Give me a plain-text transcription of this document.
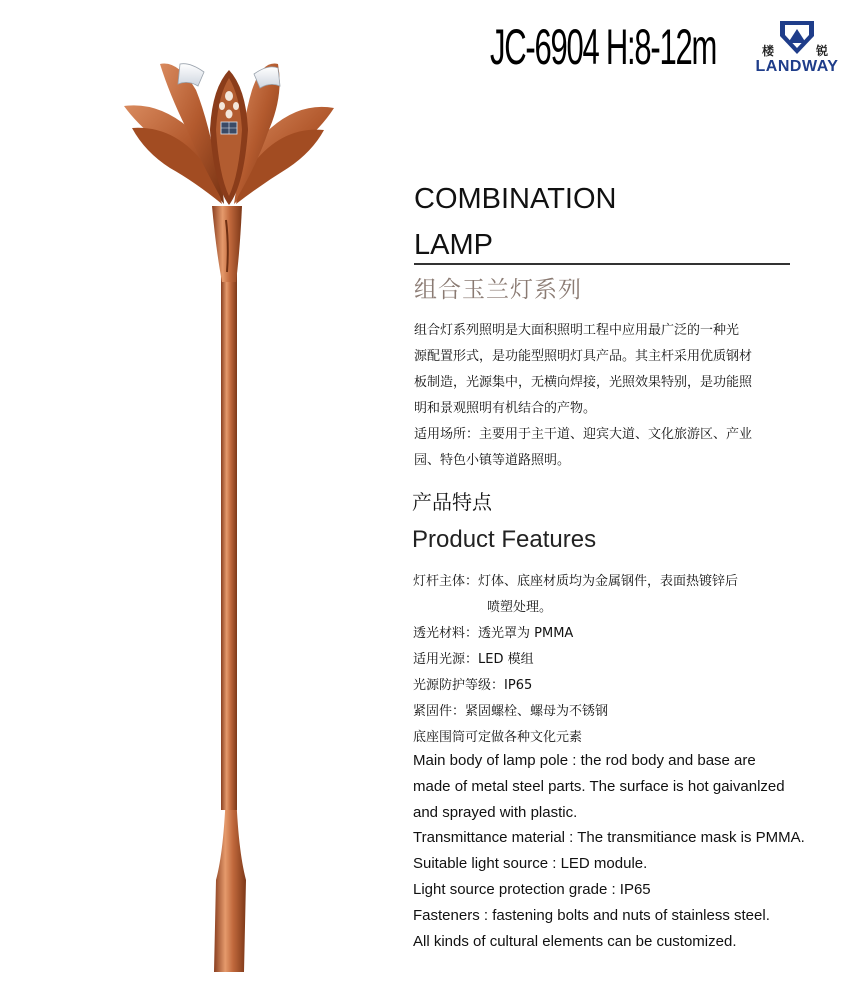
JC-6904 H:8-12m	楼	锐
LANDWAY
COMBINATION
LAMP
组合玉兰灯系列

组合灯系列照明是大面积照明工程中应用最广泛的一种光

源配置形式，是功能型照明灯具产品。其主杆采用优质钢材

板制造，光源集中，无横向焊接，光照效果特别，是功能照

明和景观照明有机结合的产物。

适用场所：主要用于主干道、迎宾大道、文化旅游区、产业

园、特色小镇等道路照明。

产品特点
Product Features
灯杆主体： 灯体、底座材质均为金属钢件，表面热镀锌后
喷塑处理。
透光材料： 透光罩为 PMMA
适用光源： LED 模组
光源防护等级： IP65
紧固件： 紧固螺栓、螺母为不锈钢
底座围筒可定做各种文化元素
Main body of lamp pole : the rod body and base are
made of metal steel parts. The surface is hot gaivanlzed
and sprayed with plastic.
Transmittance material : The transmitiance mask is PMMA.
Suitable light source : LED module.
Light source protection grade : IP65
Fasteners : fastening bolts and nuts of stainless steel.
All kinds of cultural elements can be customized.
